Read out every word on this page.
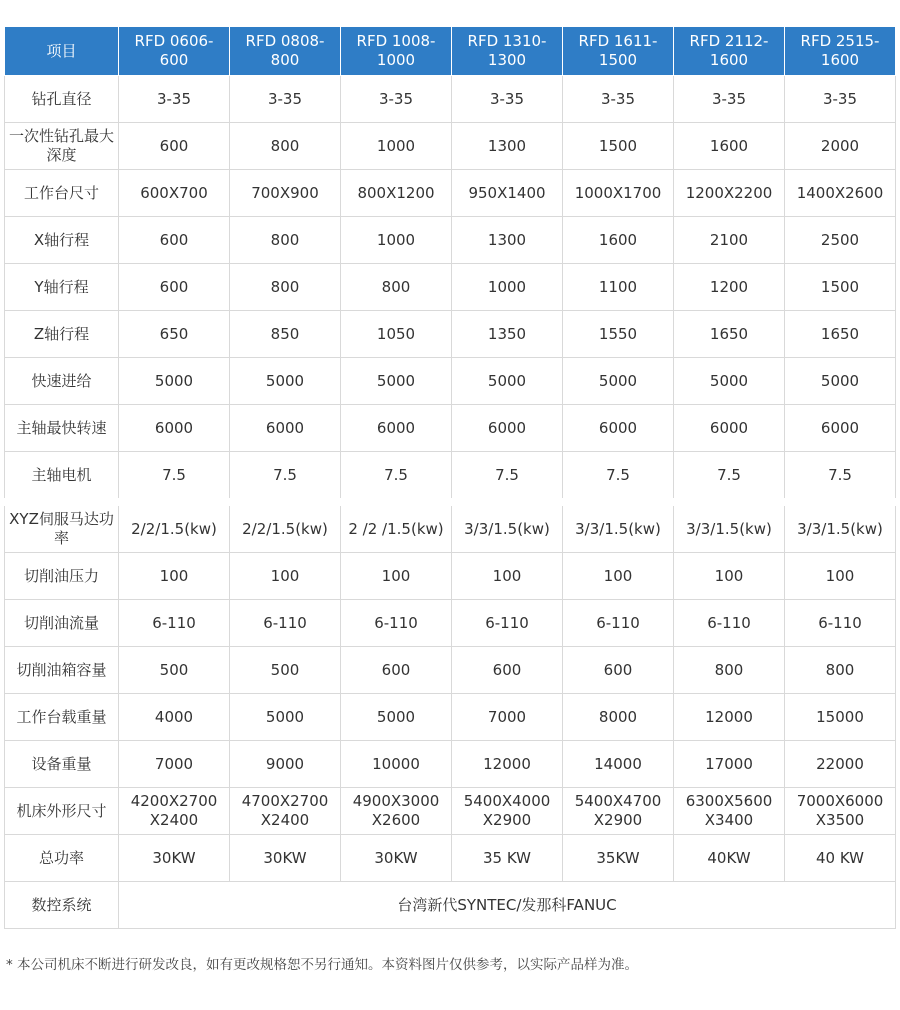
项目	RFD 0606-600	RFD 0808-800	RFD 1008-1000	RFD 1310-1300	RFD 1611-1500	RFD 2112-1600	RFD 2515-1600
钻孔直径	3-35	3-35	3-35	3-35	3-35	3-35	3-35
一次性钻孔最大深度	600	800	1000	1300	1500	1600	2000
工作台尺寸	600X700	700X900	800X1200	950X1400	1000X1700	1200X2200	1400X2600
X轴行程	600	800	1000	1300	1600	2100	2500
Y轴行程	600	800	800	1000	1100	1200	1500
Z轴行程	650	850	1050	1350	1550	1650	1650
快速进给	5000	5000	5000	5000	5000	5000	5000
主轴最快转速	6000	6000	6000	6000	6000	6000	6000
主轴电机	7.5	7.5	7.5	7.5	7.5	7.5	7.5
XYZ伺服马达功率	2/2/1.5(kw)	2/2/1.5(kw)	2 /2 /1.5(kw)	3/3/1.5(kw)	3/3/1.5(kw)	3/3/1.5(kw)	3/3/1.5(kw)
切削油压力	100	100	100	100	100	100	100
切削油流量	6-110	6-110	6-110	6-110	6-110	6-110	6-110
切削油箱容量	500	500	600	600	600	800	800
工作台载重量	4000	5000	5000	7000	8000	12000	15000
设备重量	7000	9000	10000	12000	14000	17000	22000
机床外形尺寸	4200X2700 X2400	4700X2700 X2400	4900X3000 X2600	5400X4000 X2900	5400X4700 X2900	6300X5600 X3400	7000X6000 X3500
总功率	30KW	30KW	30KW	35 KW	35KW	40KW	40 KW
数控系统	台湾新代SYNTEC/发那科FANUC						
* 本公司机床不断进行研发改良，如有更改规格恕不另行通知。本资料图片仅供参考，以实际产品样为准。
